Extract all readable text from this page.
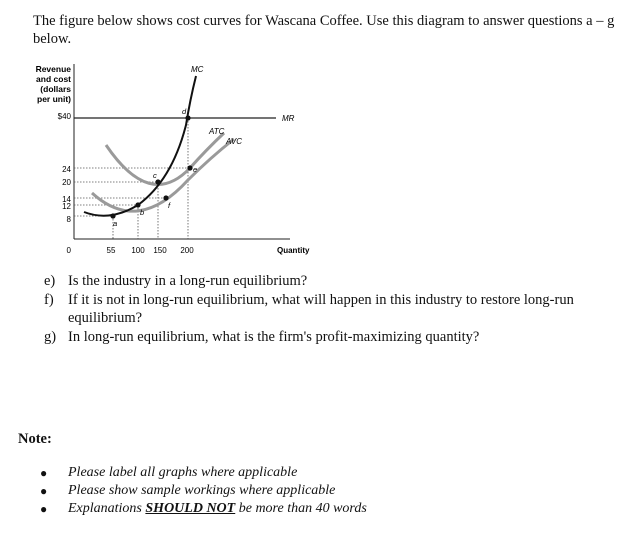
The figure below shows cost curves for Wascana Coffee. Use this diagram to answer questions a – g below.
Revenue
and cost
(dollars
per unit)
$40
24
20
14
12
8
0	55 100 150 200	Quantity
MR
AVC
ATC
MC
a
b
c
d
e
f
e) Is the industry in a long-run equilibrium?
f) If it is not in long-run equilibrium, what will happen in this industry to restore long-run equilibrium?
g) In long-run equilibrium, what is the firm's profit-maximizing quantity?
Note:
●	Please label all graphs where applicable
●	Please show sample workings where applicable
●	Explanations SHOULD NOT be more than 40 words
